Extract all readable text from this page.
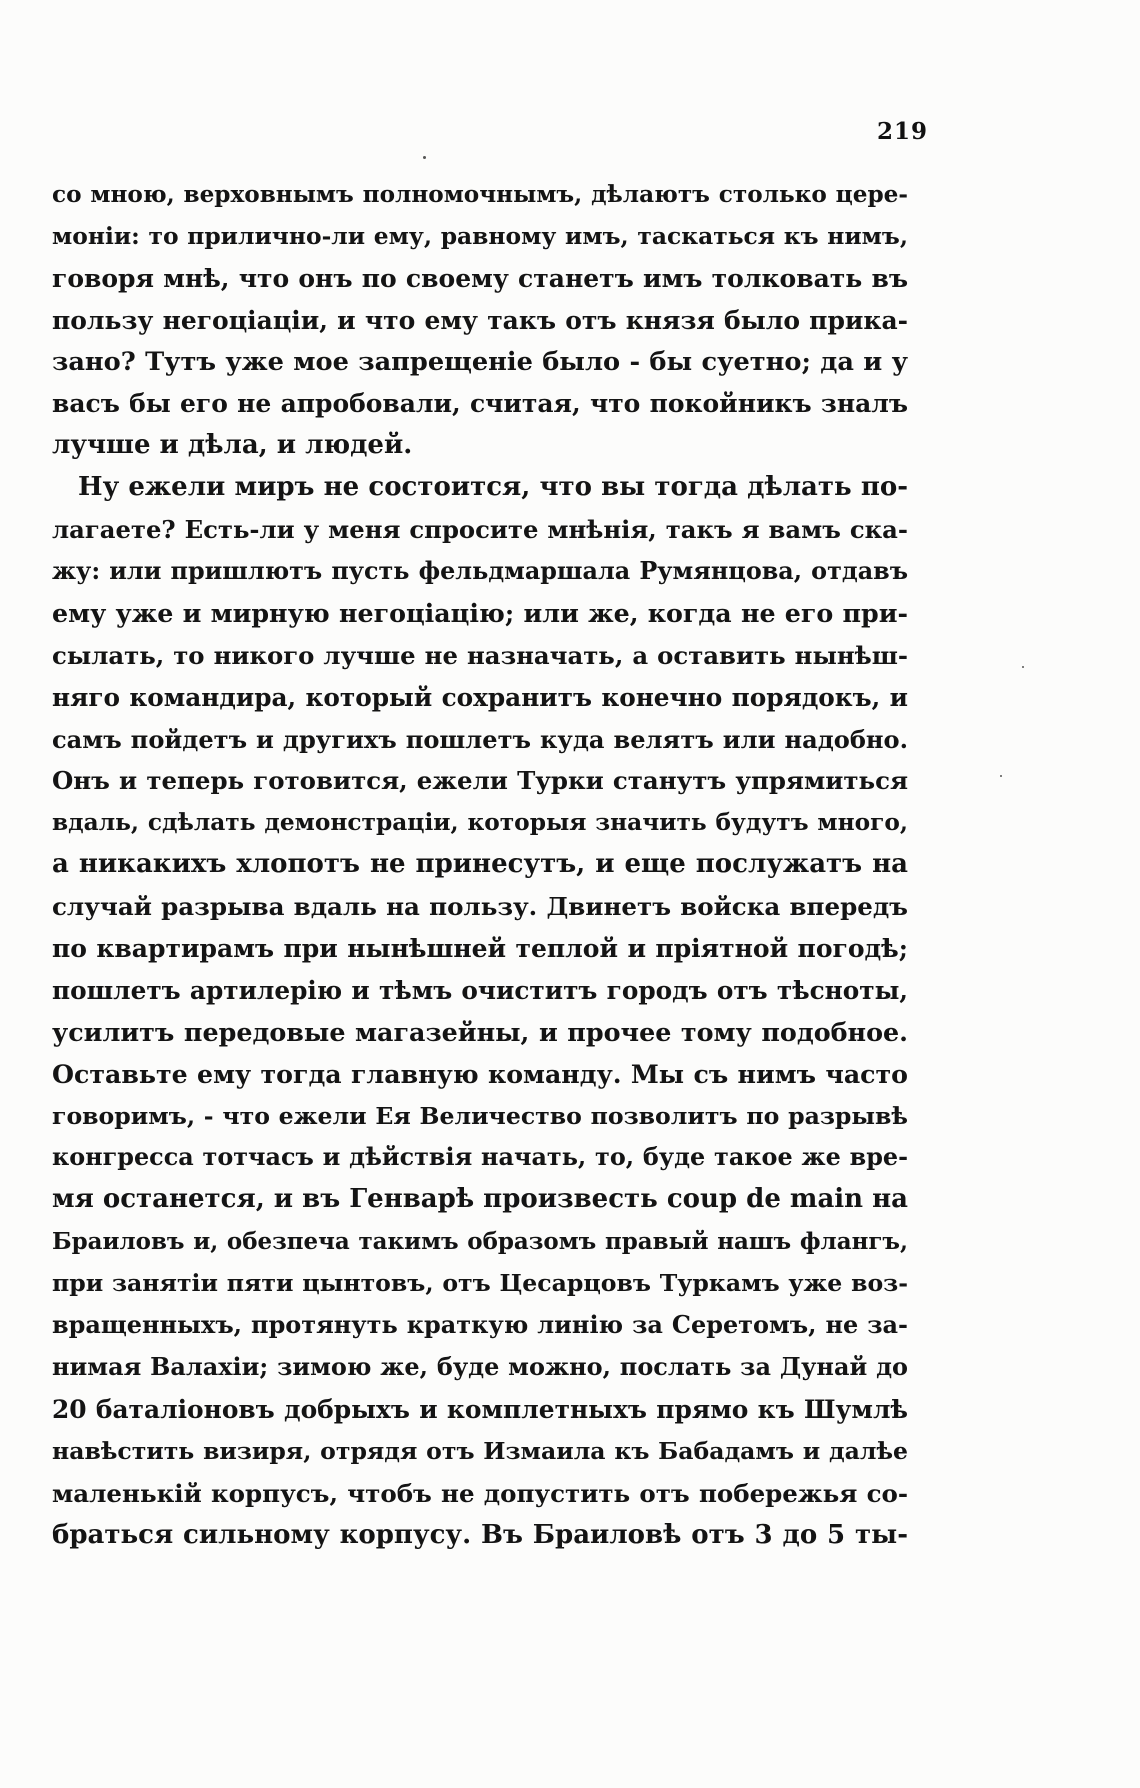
219
со мною, верховнымъ полномочнымъ, дѣлаютъ столько цере-
моніи: то прилично-ли ему, равному имъ, таскаться къ нимъ,
говоря мнѣ, что онъ по своему станетъ имъ толковать въ
пользу негоціаціи, и что ему такъ отъ князя было прика-
зано? Тутъ уже мое запрещеніе было - бы суетно; да и у
васъ бы его не апробовали, считая, что покойникъ зналъ
лучше и дѣла, и людей.
Ну ежели миръ не состоится, что вы тогда дѣлать по-
лагаете? Есть-ли у меня спросите мнѣнія, такъ я вамъ ска-
жу: или пришлютъ пусть фельдмаршала Румянцова, отдавъ
ему уже и мирную негоціацію; или же, когда не его при-
сылать, то никого лучше не назначать, а оставить нынѣш-
няго командира, который сохранитъ конечно порядокъ, и
самъ пойдетъ и другихъ пошлетъ куда велятъ или надобно.
Онъ и теперь готовится, ежели Турки станутъ упрямиться
вдаль, сдѣлать демонстраціи, которыя значить будутъ много,
а никакихъ хлопотъ не принесутъ, и еще послужатъ на
случай разрыва вдаль на пользу. Двинетъ войска впередъ
по квартирамъ при нынѣшней теплой и пріятной погодѣ;
пошлетъ артилерію и тѣмъ очиститъ городъ отъ тѣсноты,
усилитъ передовые магазейны, и прочее тому подобное.
Оставьте ему тогда главную команду. Мы съ нимъ часто
говоримъ, - что ежели Ея Величество позволитъ по разрывѣ
конгресса тотчасъ и дѣйствія начать, то, буде такое же вре-
мя останется, и въ Генварѣ произвесть coup de main на
Браиловъ и, обезпеча такимъ образомъ правый нашъ флангъ,
при занятіи пяти цынтовъ, отъ Цесарцовъ Туркамъ уже воз-
вращенныхъ, протянуть краткую линію за Серетомъ, не за-
нимая Валахіи; зимою же, буде можно, послать за Дунай до
20 баталіоновъ добрыхъ и комплетныхъ прямо къ Шумлѣ
навѣстить визиря, отрядя отъ Измаила къ Бабадамъ и далѣе
маленькій корпусъ, чтобъ не допустить отъ побережья со-
браться сильному корпусу. Въ Браиловѣ отъ 3 до 5 ты-
